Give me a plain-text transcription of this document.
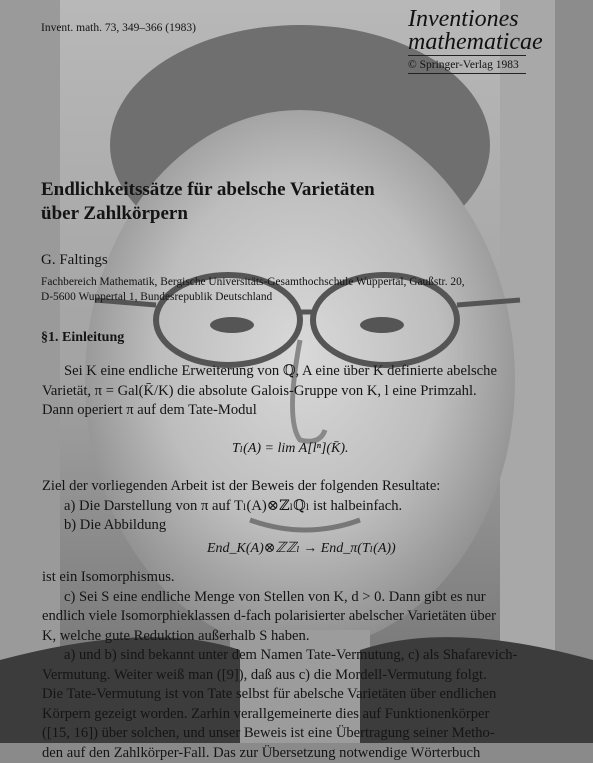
Invent. math. 73, 349–366 (1983)	Inventiones
mathematicae
© Springer-Verlag 1983
Endlichkeitssätze für abelsche Varietäten
über Zahlkörpern
G. Faltings
Fachbereich Mathematik, Bergische Universitäts-Gesamthochschule Wuppertal, Gaußstr. 20,
D-5600 Wuppertal 1, Bundesrepublik Deutschland
§1. Einleitung

Sei K eine endliche Erweiterung von ℚ, A eine über K definierte abelsche

Varietät, π = Gal(K̄/K) die absolute Galois-Gruppe von K, l eine Primzahl.

Dann operiert π auf dem Tate-Modul

Tₗ(A) = lim A[lⁿ](K̄).

Ziel der vorliegenden Arbeit ist der Beweis der folgenden Resultate:

a) Die Darstellung von π auf Tₗ(A)⊗ℤₗℚₗ ist halbeinfach.

b) Die Abbildung

End_K(A)⊗ℤℤₗ → End_π(Tₗ(A))

ist ein Isomorphismus.

c) Sei S eine endliche Menge von Stellen von K, d > 0. Dann gibt es nur

endlich viele Isomorphieklassen d-fach polarisierter abelscher Varietäten über

K, welche gute Reduktion außerhalb S haben.

a) und b) sind bekannt unter dem Namen Tate-Vermutung, c) als Shafarevich-

Vermutung. Weiter weiß man ([9]), daß aus c) die Mordell-Vermutung folgt.

Die Tate-Vermutung ist von Tate selbst für abelsche Varietäten über endlichen

Körpern gezeigt worden. Zarhin verallgemeinerte dies auf Funktionenkörper

([15, 16]) über solchen, und unser Beweis ist eine Übertragung seiner Metho-

den auf den Zahlkörper-Fall. Das zur Übersetzung notwendige Wörterbuch
